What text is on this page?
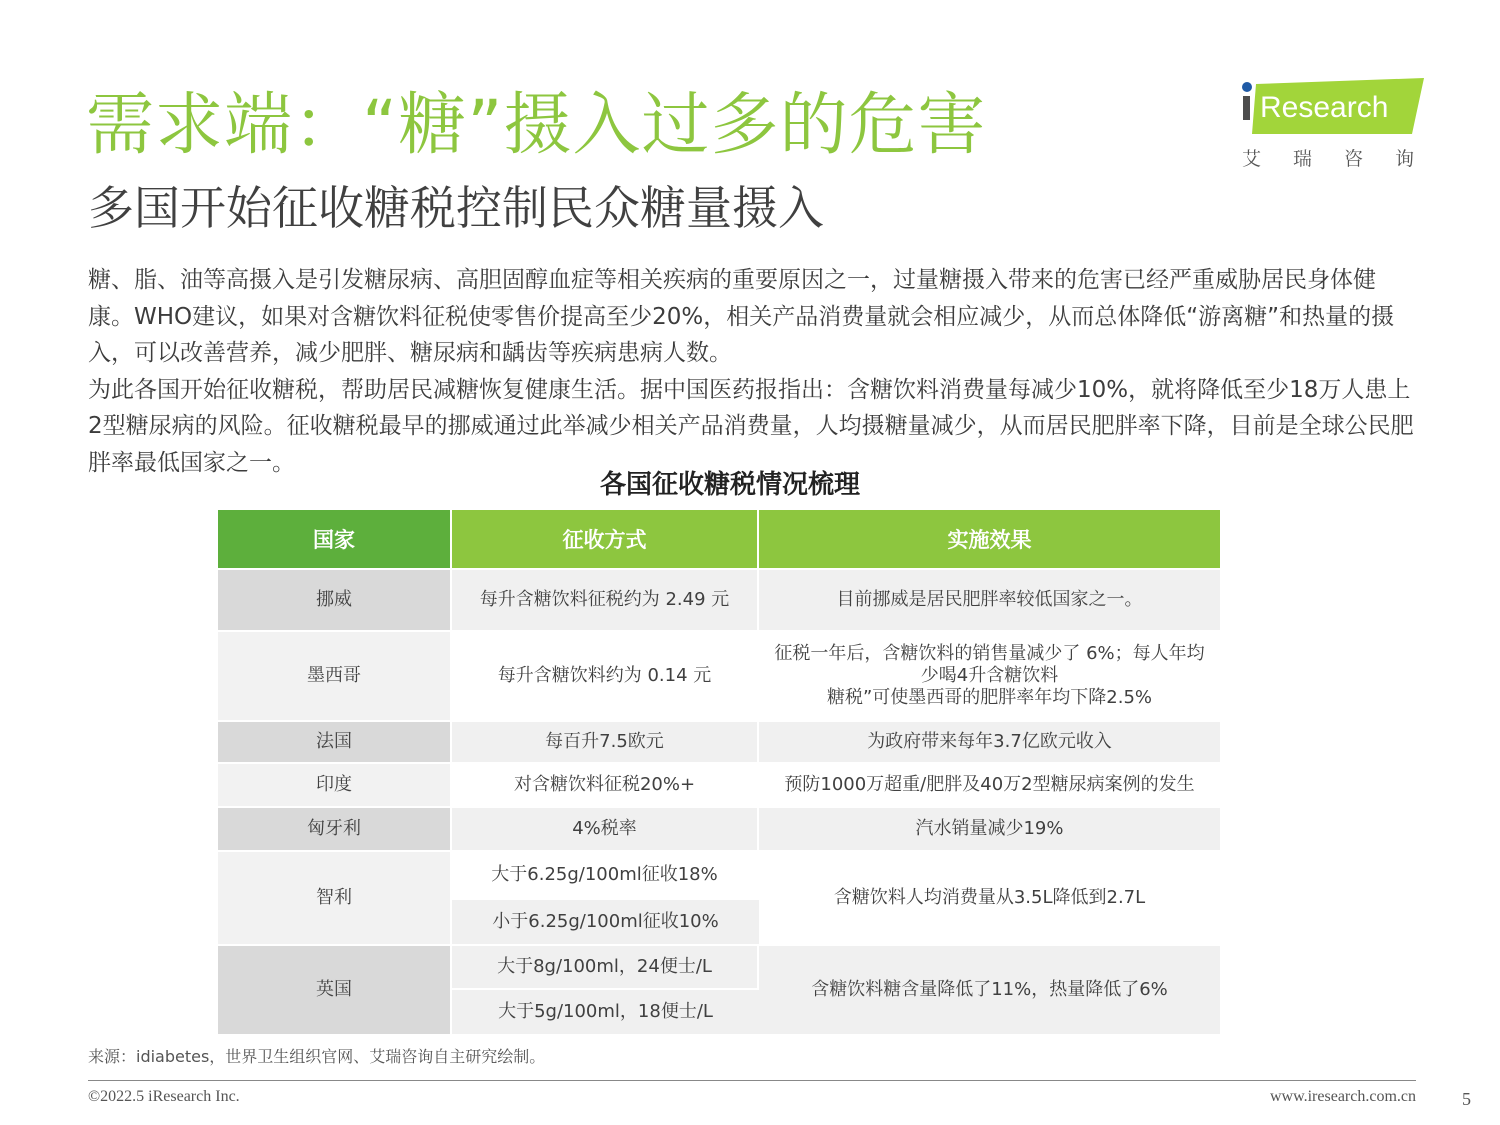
需求端：“糖”摄入过多的危害
多国开始征收糖税控制民众糖量摄入
Research
艾瑞咨询

糖、脂、油等高摄入是引发糖尿病、高胆固醇血症等相关疾病的重要原因之一，过量糖摄入带来的危害已经严重威胁居民身体健康。WHO建议，如果对含糖饮料征税使零售价提高至少20%，相关产品消费量就会相应减少，从而总体降低“游离糖”和热量的摄入，可以改善营养，减少肥胖、糖尿病和龋齿等疾病患病人数。

为此各国开始征收糖税，帮助居民减糖恢复健康生活。据中国医药报指出：含糖饮料消费量每减少10%，就将降低至少18万人患上2型糖尿病的风险。征收糖税最早的挪威通过此举减少相关产品消费量，人均摄糖量减少，从而居民肥胖率下降，目前是全球公民肥胖率最低国家之一。

各国征收糖税情况梳理
国家	征收方式	实施效果
挪威	每升含糖饮料征税约为 2.49 元	目前挪威是居民肥胖率较低国家之一。
墨西哥	每升含糖饮料约为 0.14 元	征税一年后，含糖饮料的销售量减少了 6%；每人年均
少喝4升含糖饮料
糖税”可使墨西哥的肥胖率年均下降2.5%

法国	每百升7.5欧元	为政府带来每年3.7亿欧元收入
印度	对含糖饮料征税20%+	预防1000万超重/肥胖及40万2型糖尿病案例的发生
匈牙利	4%税率	汽水销量减少19%
智利	大于6.25g/100ml征收18%	含糖饮料人均消费量从3.5L降低到2.7L
	小于6.25g/100ml征收10%	
英国	大于8g/100ml，24便士/L	含糖饮料糖含量降低了11%，热量降低了6%
	大于5g/100ml，18便士/L	
来源：idiabetes，世界卫生组织官网、艾瑞咨询自主研究绘制。
©2022.5 iResearch Inc.	www.iresearch.com.cn	5
